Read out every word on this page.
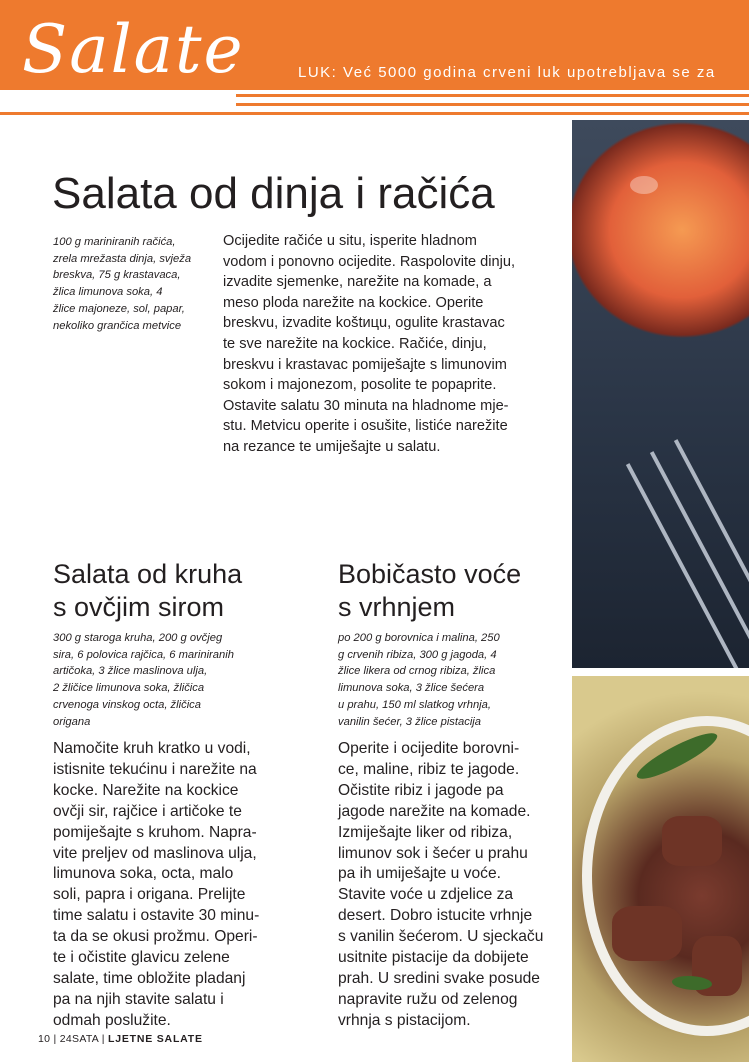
Salate	LUK: Već 5000 godina crveni luk upotrebljava se za
Salata od dinja i račića
100 g mariniranih račića,
zrela mrežasta dinja, svježa
breskva, 75 g krastavaca,
žlica limunova soka, 4
žlice majoneze, sol, papar,
nekoliko grančica metvice
Ocijedite račiće u situ, isperite hladnom
vodom i ponovno ocijedite. Raspolovite dinju,
izvadite sjemenke, narežite na komade, a
meso ploda narežite na kockice. Operite
breskvu, izvadite koštицu, ogulite krastavac
te sve narežite na kockice. Račiće, dinju,
breskvu i krastavac pomiješajte s limunovim
sokom i majonezom, posolite te popaprite.
Ostavite salatu 30 minuta na hladnome mje-
stu. Metvicu operite i osušite, listiće narežite
na rezance te umiješajte u salatu.
Salata od kruha
s ovčjim sirom
300 g staroga kruha, 200 g ovčjeg
sira, 6 polovica rajčica, 6 mariniranih
artičoka, 3 žlice maslinova ulja,
2 žličice limunova soka, žličica
crvenoga vinskog octa, žličica
origana
Namočite kruh kratko u vodi,
istisnite tekućinu i narežite na
kocke. Narežite na kockice
ovčji sir, rajčice i artičoke te
pomiješajte s kruhom. Napra-
vite preljev od maslinova ulja,
limunova soka, octa, malo
soli, papra i origana. Prelijte
time salatu i ostavite 30 minu-
ta da se okusi prožmu. Operi-
te i očistite glavicu zelene
salate, time obložite pladanj
pa na njih stavite salatu i
odmah poslužite.
Bobičasto voće
s vrhnjem
po 200 g borovnica i malina, 250
g crvenih ribiza, 300 g jagoda, 4
žlice likera od crnog ribiza, žlica
limunova soka, 3 žlice šećera
u prahu, 150 ml slatkog vrhnja,
vanilin šećer, 3 žlice pistacija
Operite i ocijedite borovni-
ce, maline, ribiz te jagode.
Očistite ribiz i jagode pa
jagode narežite na komade.
Izmiješajte liker od ribiza,
limunov sok i šećer u prahu
pa ih umiješajte u voće.
Stavite voće u zdjelice za
desert. Dobro istucite vrhnje
s vanilin šećerom. U sjeckaču
usitnite pistacije da dobijete
prah. U sredini svake posude
napravite ružu od zelenog
vrhnja s pistacijom.
10 | 24SATA | LJETNE SALATE
